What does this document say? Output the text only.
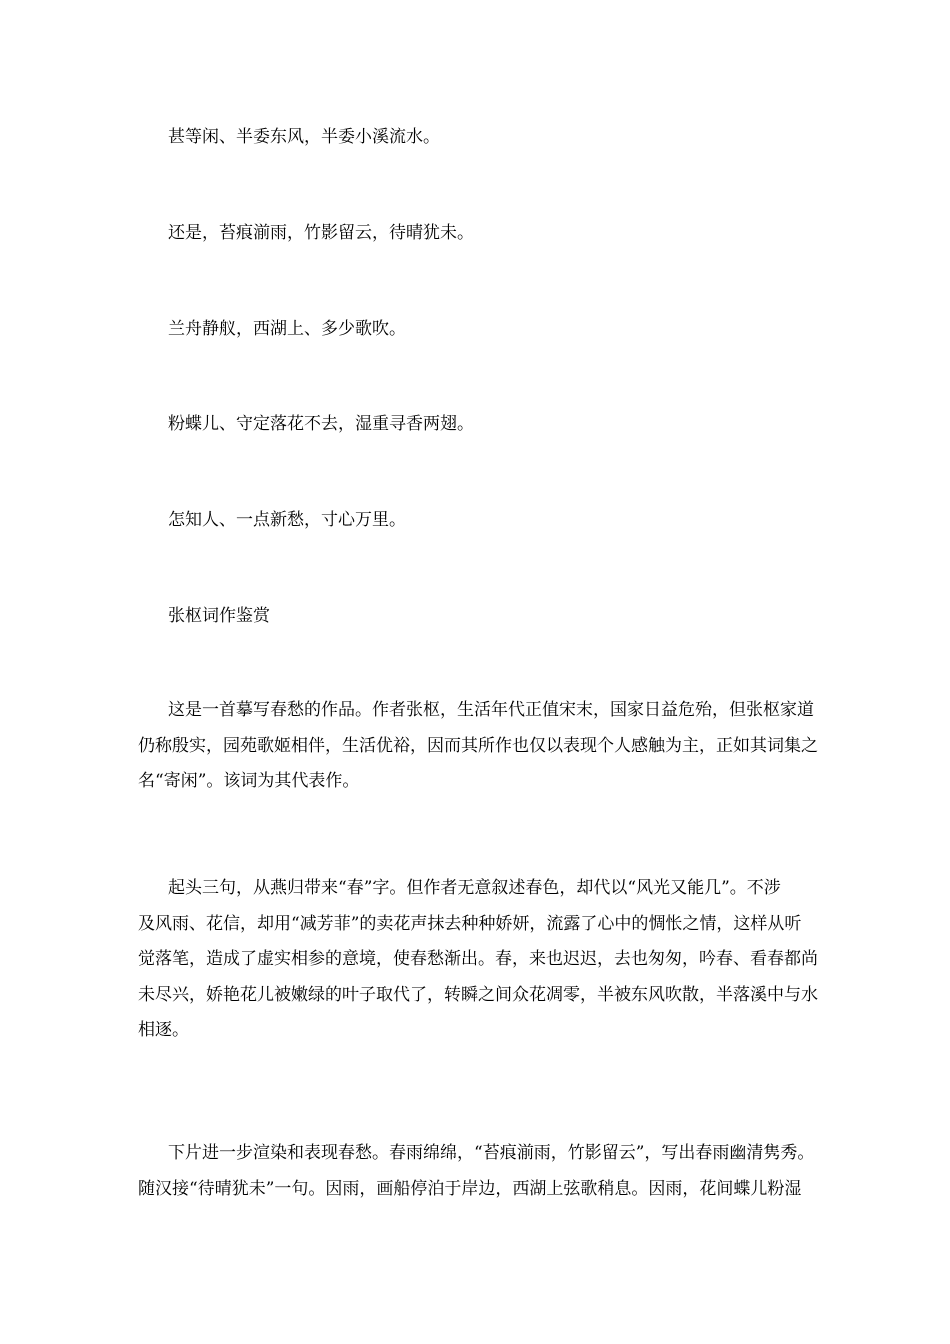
甚等闲、半委东风，半委小溪流水。
还是，苔痕湔雨，竹影留云，待晴犹未。
兰舟静舣，西湖上、多少歌吹。
粉蝶儿、守定落花不去，湿重寻香两翅。
怎知人、一点新愁，寸心万里。
张枢词作鉴赏
这是一首摹写春愁的作品。作者张枢，生活年代正值宋末，国家日益危殆，但张枢家道
仍称殷实，园苑歌姬相伴，生活优裕，因而其所作也仅以表现个人感触为主，正如其词集之
名“寄闲”。该词为其代表作。
起头三句，从燕归带来“春”字。但作者无意叙述春色，却代以“风光又能几”。不涉
及风雨、花信，却用“减芳菲”的卖花声抹去种种娇妍，流露了心中的惆怅之情，这样从听
觉落笔，造成了虚实相参的意境，使春愁渐出。春，来也迟迟，去也匆匆，吟春、看春都尚
未尽兴，娇艳花儿被嫩绿的叶子取代了，转瞬之间众花凋零，半被东风吹散，半落溪中与水
相逐。
下片进一步渲染和表现春愁。春雨绵绵，“苔痕湔雨，竹影留云”，写出春雨幽清隽秀。
随汉接“待晴犹未”一句。因雨，画船停泊于岸边，西湖上弦歌稍息。因雨，花间蝶儿粉湿
